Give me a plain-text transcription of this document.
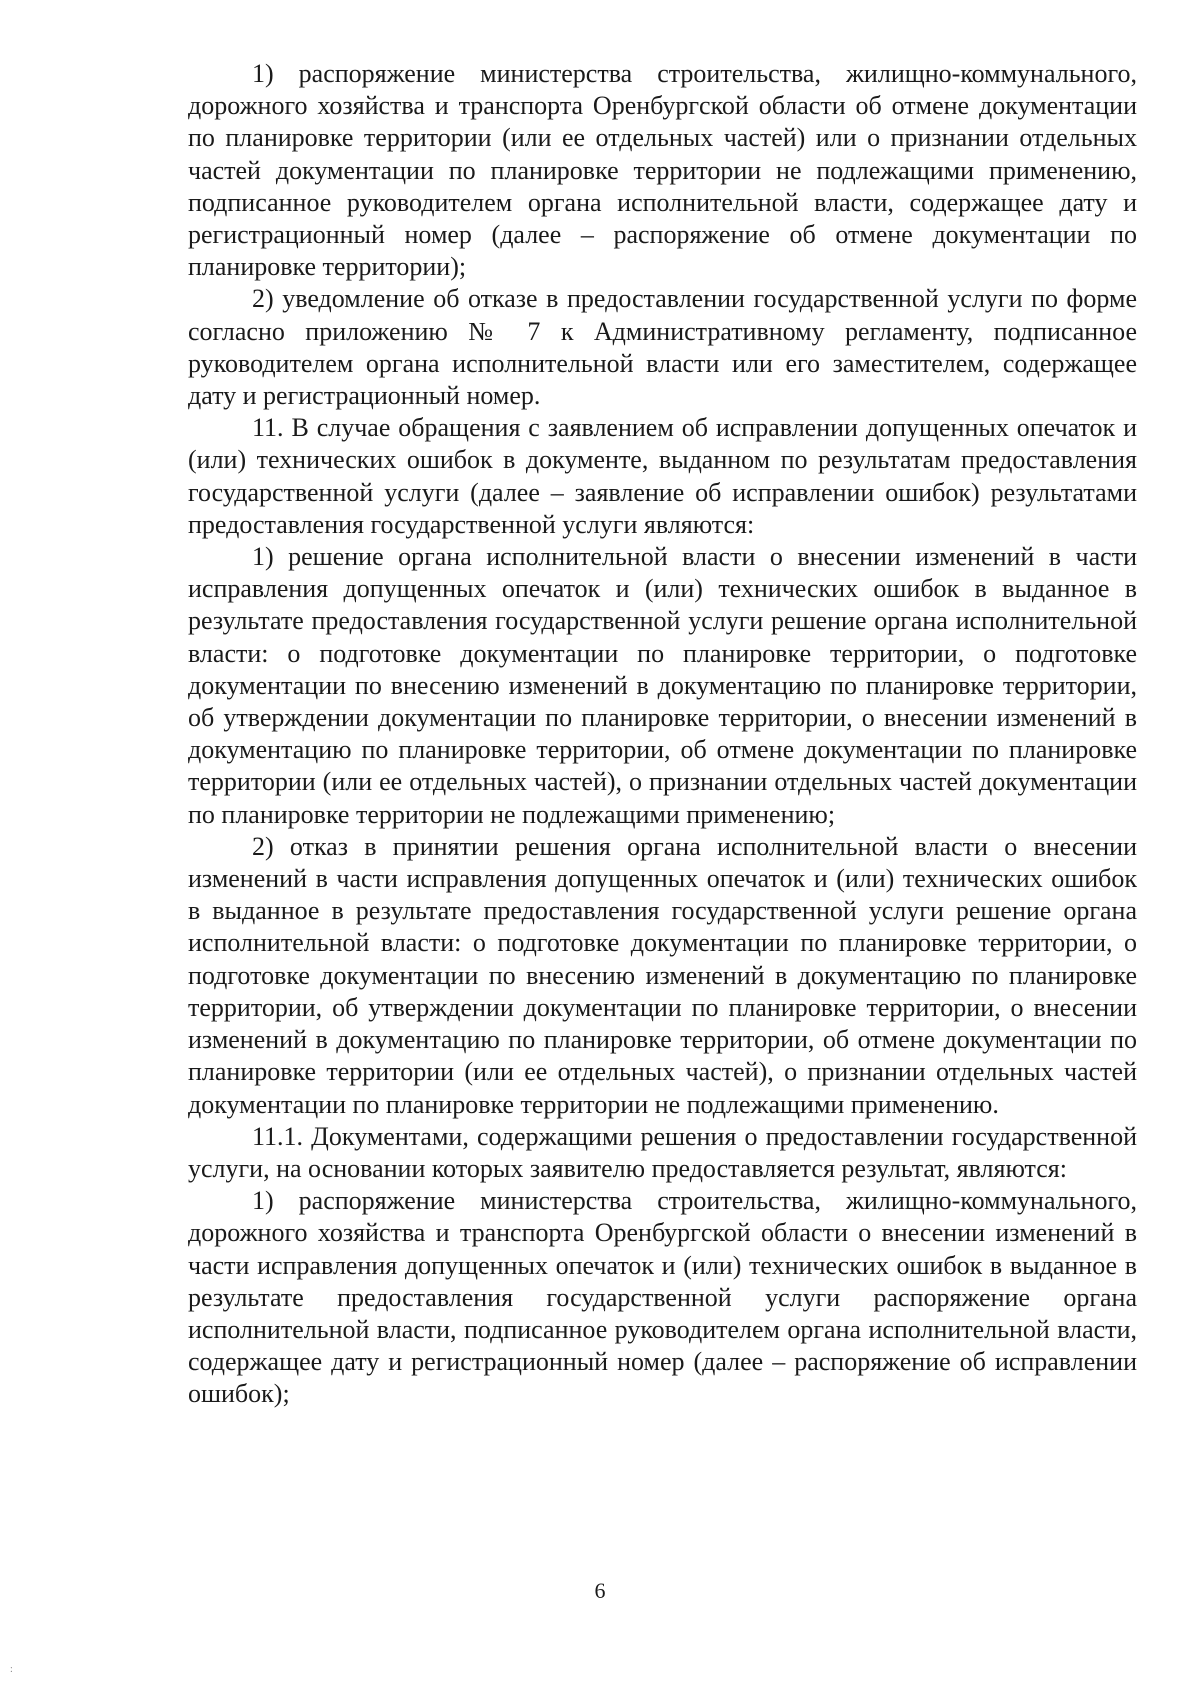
1) распоряжение министерства строительства, жилищно-коммунального, дорожного хозяйства и транспорта Оренбургской области об отмене документации по планировке территории (или ее отдельных частей) или о признании отдельных частей документации по планировке территории не подлежащими применению, подписанное руководителем органа исполнительной власти, содержащее дату и регистрационный номер (далее – распоряжение об отмене документации по планировке территории);

2) уведомление об отказе в предоставлении государственной услуги по форме согласно приложению № 7 к Административному регламенту, подписанное руководителем органа исполнительной власти или его заместителем, содержащее дату и регистрационный номер.

11. В случае обращения с заявлением об исправлении допущенных опечаток и (или) технических ошибок в документе, выданном по результатам предоставления государственной услуги (далее – заявление об исправлении ошибок) результатами предоставления государственной услуги являются:

1) решение органа исполнительной власти о внесении изменений в части исправления допущенных опечаток и (или) технических ошибок в выданное в результате предоставления государственной услуги решение органа исполнительной власти: о подготовке документации по планировке территории, о подготовке документации по внесению изменений в документацию по планировке территории, об утверждении документации по планировке территории, о внесении изменений в документацию по планировке территории, об отмене документации по планировке территории (или ее отдельных частей), о признании отдельных частей документации по планировке территории не подлежащими применению;

2) отказ в принятии решения органа исполнительной власти о внесении изменений в части исправления допущенных опечаток и (или) технических ошибок в выданное в результате предоставления государственной услуги решение органа исполнительной власти: о подготовке документации по планировке территории, о подготовке документации по внесению изменений в документацию по планировке территории, об утверждении документации по планировке территории, о внесении изменений в документацию по планировке территории, об отмене документации по планировке территории (или ее отдельных частей), о признании отдельных частей документации по планировке территории не подлежащими применению.

11.1. Документами, содержащими решения о предоставлении государственной услуги, на основании которых заявителю предоставляется результат, являются:

1) распоряжение министерства строительства, жилищно-коммунального, дорожного хозяйства и транспорта Оренбургской области о внесении изменений в части исправления допущенных опечаток и (или) технических ошибок в выданное в результате предоставления государственной услуги распоряжение органа исполнительной власти, подписанное руководителем органа исполнительной власти, содержащее дату и регистрационный номер (далее – распоряжение об исправлении ошибок);

6
:
